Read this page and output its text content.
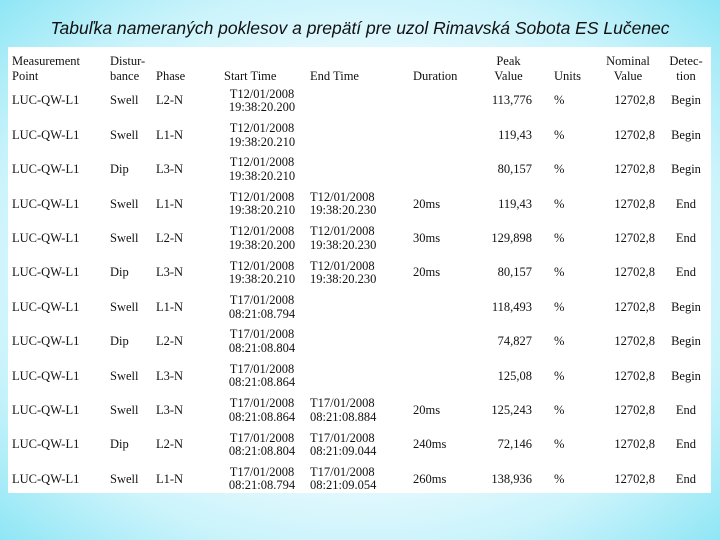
Tabuľka nameraných poklesov a prepätí pre uzol Rimavská Sobota ES Lučenec
Measurement
Point	Distur-
bance	Phase	Start Time	End Time	Duration	Peak
Value	Units	Nominal
Value	Detec-
tion
LUC-QW-L1	Swell	L2-N	T12/01/2008
19:38:20.200			113,776	%	12702,8	Begin
LUC-QW-L1	Swell	L1-N	T12/01/2008
19:38:20.210			119,43	%	12702,8	Begin
LUC-QW-L1	Dip	L3-N	T12/01/2008
19:38:20.210			80,157	%	12702,8	Begin
LUC-QW-L1	Swell	L1-N	T12/01/2008
19:38:20.210	T12/01/2008
19:38:20.230	20ms	119,43	%	12702,8	End
LUC-QW-L1	Swell	L2-N	T12/01/2008
19:38:20.200	T12/01/2008
19:38:20.230	30ms	129,898	%	12702,8	End
LUC-QW-L1	Dip	L3-N	T12/01/2008
19:38:20.210	T12/01/2008
19:38:20.230	20ms	80,157	%	12702,8	End
LUC-QW-L1	Swell	L1-N	T17/01/2008
08:21:08.794			118,493	%	12702,8	Begin
LUC-QW-L1	Dip	L2-N	T17/01/2008
08:21:08.804			74,827	%	12702,8	Begin
LUC-QW-L1	Swell	L3-N	T17/01/2008
08:21:08.864			125,08	%	12702,8	Begin
LUC-QW-L1	Swell	L3-N	T17/01/2008
08:21:08.864	T17/01/2008
08:21:08.884	20ms	125,243	%	12702,8	End
LUC-QW-L1	Dip	L2-N	T17/01/2008
08:21:08.804	T17/01/2008
08:21:09.044	240ms	72,146	%	12702,8	End
LUC-QW-L1	Swell	L1-N	T17/01/2008
08:21:08.794	T17/01/2008
08:21:09.054	260ms	138,936	%	12702,8	End
